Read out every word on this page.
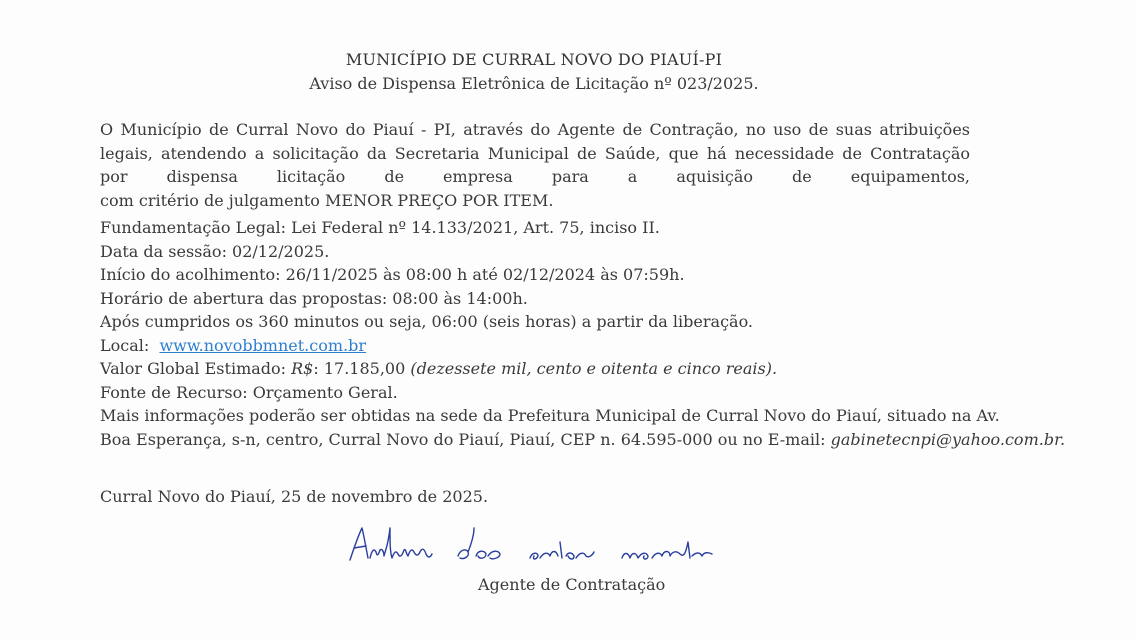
MUNICÍPIO DE CURRAL NOVO DO PIAUÍ-PI
Aviso de Dispensa Eletrônica de Licitação nº 023/2025.
O Município de Curral Novo do Piauí - PI, através do Agente de Contração, no uso de suas atribuições
legais, atendendo a solicitação da Secretaria Municipal de Saúde, que há necessidade de Contratação
por dispensa licitação de empresa para a aquisição de equipamentos,
com critério de julgamento MENOR PREÇO POR ITEM.
Fundamentação Legal: Lei Federal nº 14.133/2021, Art. 75, inciso II.
Data da sessão: 02/12/2025.
Início do acolhimento: 26/11/2025 às 08:00 h até 02/12/2024 às 07:59h.
Horário de abertura das propostas: 08:00 às 14:00h.
Após cumpridos os 360 minutos ou seja, 06:00 (seis horas) a partir da liberação.
Local: www.novobbmnet.com.br
Valor Global Estimado: R$: 17.185,00 (dezessete mil, cento e oitenta e cinco reais).
Fonte de Recurso: Orçamento Geral.
Mais informações poderão ser obtidas na sede da Prefeitura Municipal de Curral Novo do Piauí, situado na Av.
Boa Esperança, s-n, centro, Curral Novo do Piauí, Piauí, CEP n. 64.595-000 ou no E-mail: gabinetecnpi@yahoo.com.br.
Curral Novo do Piauí, 25 de novembro de 2025.
Agente de Contratação
